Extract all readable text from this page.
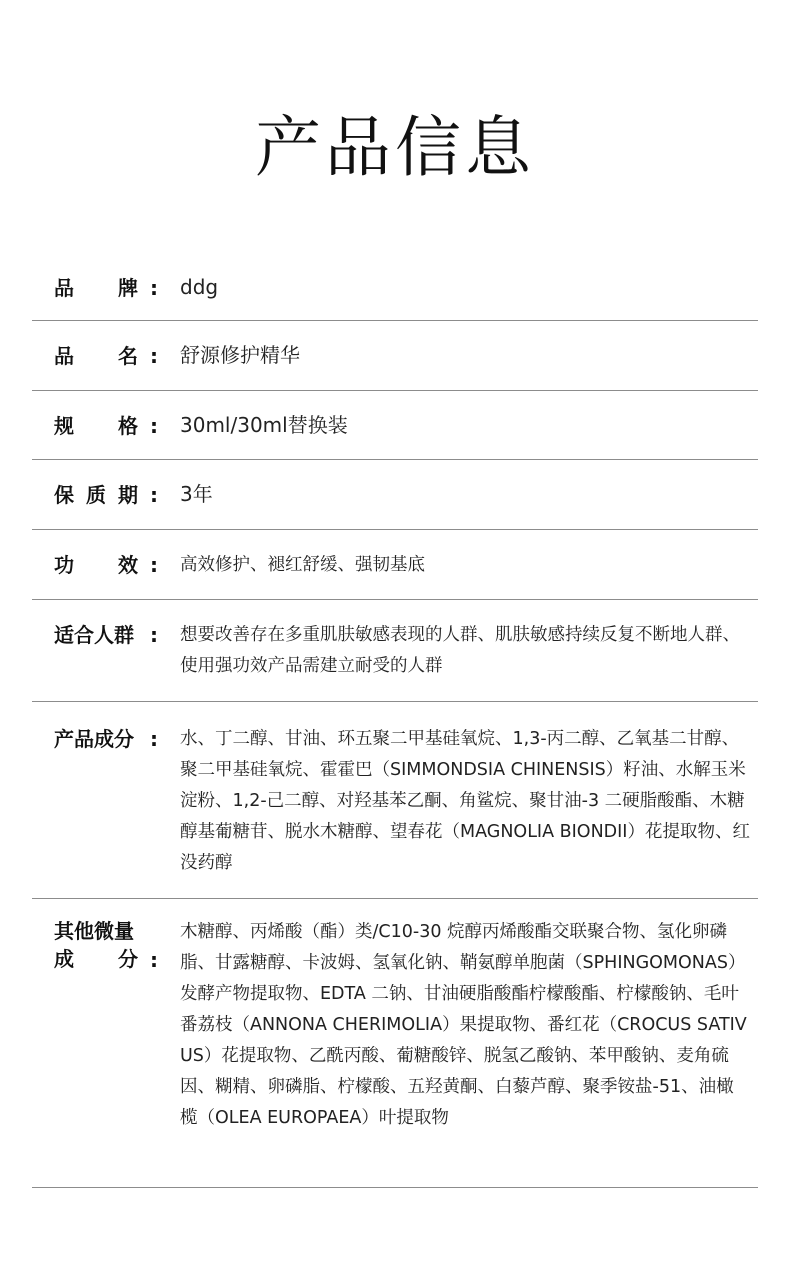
产品信息
品 牌 : ddg
品 名 : 舒源修护精华
规 格 : 30ml/30ml替换装
保 质 期 : 3年
功 效 : 高效修护、褪红舒缓、强韧基底
适合人群 : 想要改善存在多重肌肤敏感表现的人群、肌肤敏感持续反复不断地人群、使用强功效产品需建立耐受的人群
产品成分 : 水、丁二醇、甘油、环五聚二甲基硅氧烷、1,3-丙二醇、乙氧基二甘醇、聚二甲基硅氧烷、霍霍巴（SIMMONDSIA CHINENSIS）籽油、水解玉米淀粉、1,2-己二醇、对羟基苯乙酮、角鲨烷、聚甘油-3 二硬脂酸酯、木糖醇基葡糖苷、脱水木糖醇、望春花（MAGNOLIA BIONDII）花提取物、红没药醇
其他微量
成 分 :
木糖醇、丙烯酸（酯）类/C10-30 烷醇丙烯酸酯交联聚合物、氢化卵磷脂、甘露糖醇、卡波姆、氢氧化钠、鞘氨醇单胞菌（SPHINGOMONAS）发酵产物提取物、EDTA 二钠、甘油硬脂酸酯柠檬酸酯、柠檬酸钠、毛叶番荔枝（ANNONA CHERIMOLIA）果提取物、番红花（CROCUS SATIVUS）花提取物、乙酰丙酸、葡糖酸锌、脱氢乙酸钠、苯甲酸钠、麦角硫因、糊精、卵磷脂、柠檬酸、五羟黄酮、白藜芦醇、聚季铵盐-51、油橄榄（OLEA EUROPAEA）叶提取物
